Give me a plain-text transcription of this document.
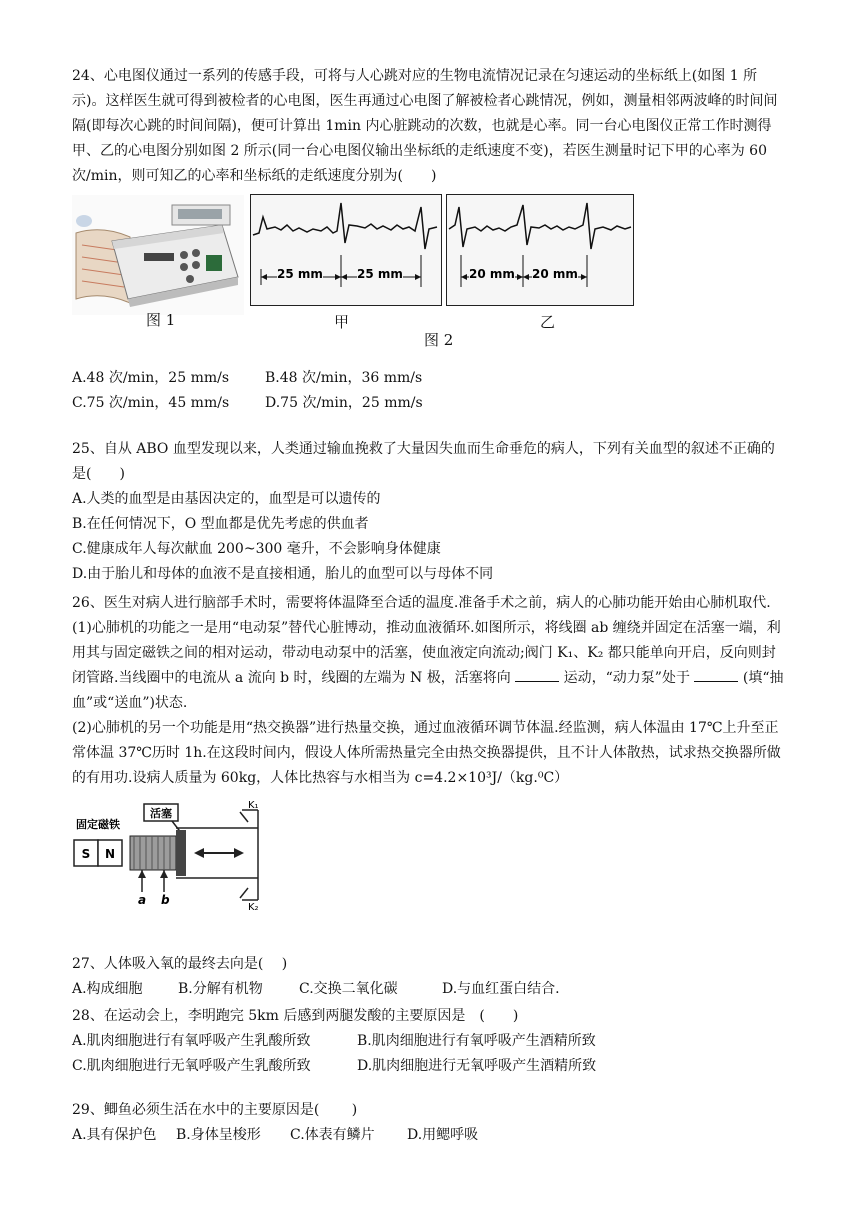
24、心电图仪通过一系列的传感手段，可将与人心跳对应的生物电流情况记录在匀速运动的坐标纸上(如图 1 所示)。这样医生就可得到被检者的心电图，医生再通过心电图了解被检者心跳情况，例如，测量相邻两波峰的时间间隔(即每次心跳的时间间隔)，便可计算出 1min 内心脏跳动的次数，也就是心率。同一台心电图仪正常工作时测得甲、乙的心电图分别如图 2 所示(同一台心电图仪输出坐标纸的走纸速度不变)，若医生测量时记下甲的心率为 60 次/min，则可知乙的心率和坐标纸的走纸速度分别为(　　)

图 1
25 mm	25 mm	20 mm 20 mm
甲	乙
图 2
A.48 次/min，25 mm/s	B.48 次/min，36 mm/s
C.75 次/min，45 mm/s	D.75 次/min，25 mm/s

25、自从 ABO 血型发现以来，人类通过输血挽救了大量因失血而生命垂危的病人，下列有关血型的叙述不正确的是(　　)

A.人类的血型是由基因决定的，血型是可以遗传的

B.在任何情况下，O 型血都是优先考虑的供血者

C.健康成年人每次献血 200~300 毫升，不会影响身体健康

D.由于胎儿和母体的血液不是直接相通，胎儿的血型可以与母体不同

26、医生对病人进行脑部手术时，需要将体温降至合适的温度.准备手术之前，病人的心肺功能开始由心肺机取代.

(1)心肺机的功能之一是用“电动泵”替代心脏博动，推动血液循环.如图所示，将线圈 ab 缠绕并固定在活塞一端，利用其与固定磁铁之间的相对运动，带动电动泵中的活塞，使血液定向流动;阀门 K₁、K₂ 都只能单向开启，反向则封闭管路.当线圈中的电流从 a 流向 b 时，线圈的左端为 N 极，活塞将向	运动，“动力泵”处于	(填“抽血”或“送血”)状态.

(2)心肺机的另一个功能是用“热交换器”进行热量交换，通过血液循环调节体温.经监测，病人体温由 17℃上升至正常体温 37℃历时 1h.在这段时间内，假设人体所需热量完全由热交换器提供，且不计人体散热，试求热交换器所做的有用功.设病人质量为 60kg，人体比热容与水相当为 c=4.2×10³J/（kg.⁰C）

固定磁铁
活塞
S N
K₁
K₂
a b

27、人体吸入氧的最终去向是(　 )

A.构成细胞	B.分解有机物	C.交换二氧化碳	D.与血红蛋白结合.

28、在运动会上，李明跑完 5km 后感到两腿发酸的主要原因是　(　　)

A.肌肉细胞进行有氧呼吸产生乳酸所致	B.肌肉细胞进行有氧呼吸产生酒精所致
C.肌肉细胞进行无氧呼吸产生乳酸所致	D.肌肉细胞进行无氧呼吸产生酒精所致

29、鲫鱼必须生活在水中的主要原因是(　　 )

A.具有保护色	B.身体呈梭形	C.体表有鳞片	D.用鳃呼吸
